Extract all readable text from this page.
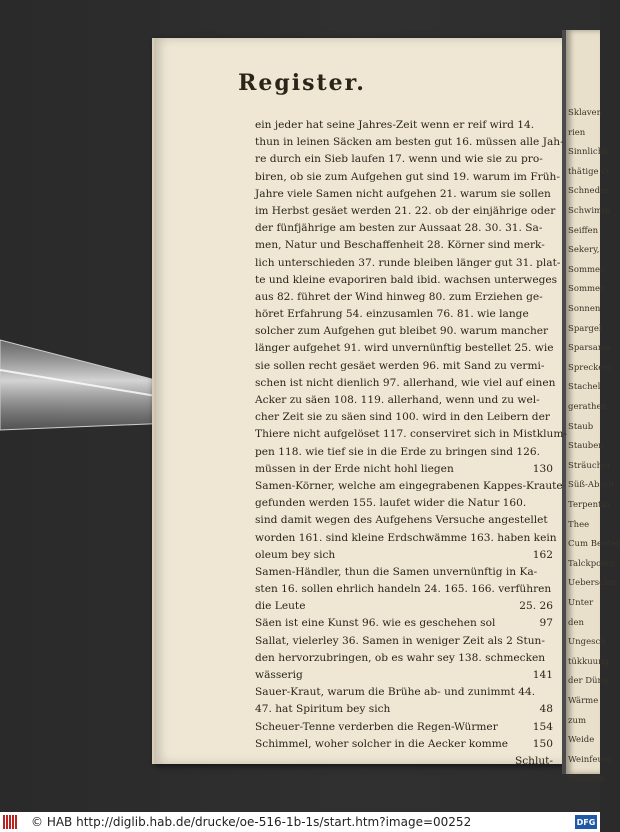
Sklaven
rien
Sinnlichk
thätige O
Schneder
Schwimm
Seiffen
Sekery,
Sommer
Sommer
Sonnen
Spargel
Sparsame
Spreckers
Stachel
gerathen
Staub
Stauben
Sträucher
Süß-Absch
Terpentin
Thee
Cum Beuter
Talckpoten
Ueberschw
Unter
den
Ungesch
tükkuung
der Düng
Wärme
zum
Weide
Weinfeuer
Pflanzen
Register.
ein jeder hat seine Jahres-Zeit wenn er reif wird 14.
thun in leinen Säcken am besten gut 16. müssen alle Jah-
re durch ein Sieb laufen 17. wenn und wie sie zu pro-
biren, ob sie zum Aufgehen gut sind 19. warum im Früh-
Jahre viele Samen nicht aufgehen 21. warum sie sollen
im Herbst gesäet werden 21. 22. ob der einjährige oder
der fünfjährige am besten zur Aussaat 28. 30. 31. Sa-
men, Natur und Beschaffenheit 28. Körner sind merk-
lich unterschieden 37. runde bleiben länger gut 31. plat-
te und kleine evaporiren bald ibid. wachsen unterweges
aus 82. führet der Wind hinweg 80. zum Erziehen ge-
höret Erfahrung 54. einzusamlen 76. 81. wie lange
solcher zum Aufgehen gut bleibet 90. warum mancher
länger aufgehet 91. wird unvernünftig bestellet 25. wie
sie sollen recht gesäet werden 96. mit Sand zu vermi-
schen ist nicht dienlich 97. allerhand, wie viel auf einen
Acker zu säen 108. 119. allerhand, wenn und zu wel-
cher Zeit sie zu säen sind 100. wird in den Leibern der
Thiere nicht aufgelöset 117. conserviret sich in Mistklum-
pen 118. wie tief sie in die Erde zu bringen sind 126.
müssen in der Erde nicht hohl liegen	130
Samen-Körner, welche am eingegrabenen Kappes-Kraute
gefunden werden 155. laufet wider die Natur 160.
sind damit wegen des Aufgehens Versuche angestellet
worden 161. sind kleine Erdschwämme 163. haben kein
oleum bey sich	162
Samen-Händler, thun die Samen unvernünftig in Ka-
sten 16. sollen ehrlich handeln 24. 165. 166. verführen
die Leute	25. 26
Säen ist eine Kunst 96. wie es geschehen sol	97
Sallat, vielerley 36. Samen in weniger Zeit als 2 Stun-
den hervorzubringen, ob es wahr sey 138. schmecken
wässerig	141
Sauer-Kraut, warum die Brühe ab- und zunimmt 44.
47. hat Spiritum bey sich	48
Scheuer-Tenne verderben die Regen-Würmer	154
Schimmel, woher solcher in die Aecker komme	150
Schlut-
© HAB http://diglib.hab.de/drucke/oe-516-1b-1s/start.htm?image=00252	DFG
